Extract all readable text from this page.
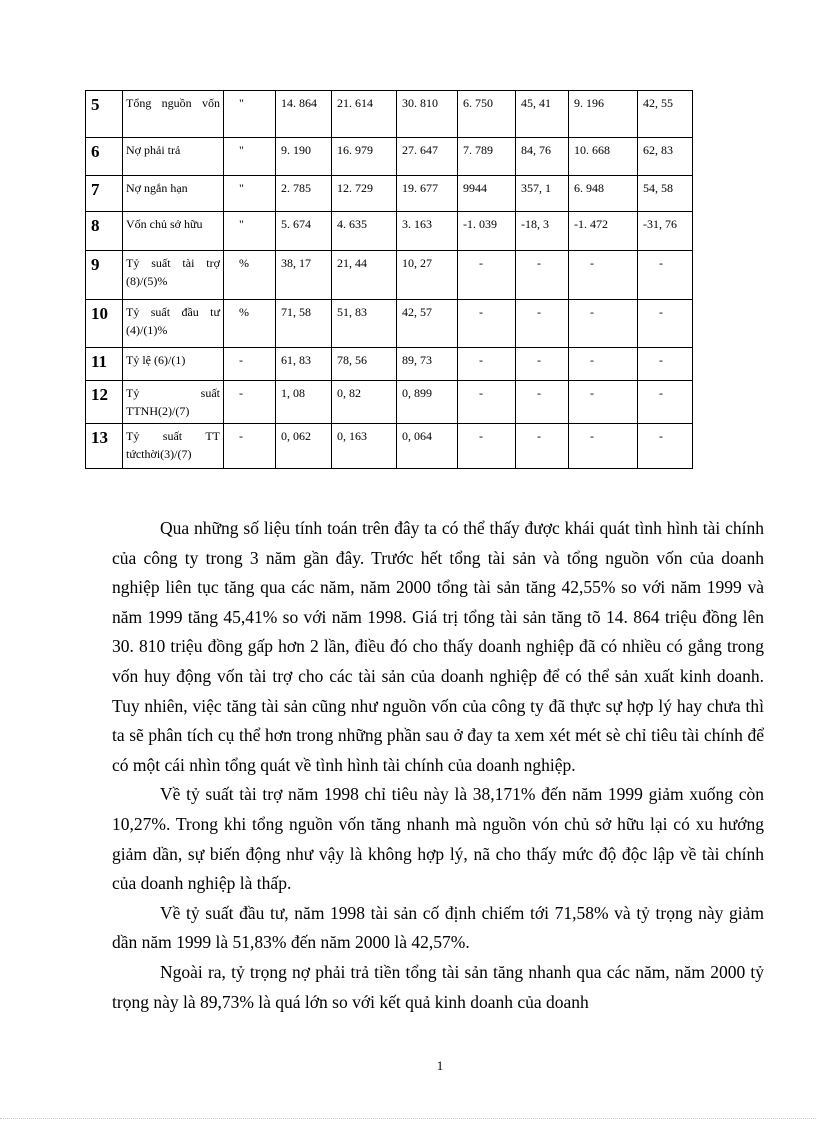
5	Tổng nguồn vốn	"	14. 864	21. 614	30. 810	6. 750	45, 41	9. 196	42, 55
6	Nợ phải trả	"	9. 190	16. 979	27. 647	7. 789	84, 76	10. 668	62, 83
7	Nợ ngắn hạn	"	2. 785	12. 729	19. 677	9944	357, 1	6. 948	54, 58
8	Vốn chủ sở hữu	"	5. 674	4. 635	3. 163	-1. 039	-18, 3	-1. 472	-31, 76
9	Tỷ suất tài trợ (8)/(5)%	%	38, 17	21, 44	10, 27	-	-	-	-
10	Tỷ suất đầu tư (4)/(1)%	%	71, 58	51, 83	42, 57	-	-	-	-
11	Tỷ lệ (6)/(1)	-	61, 83	78, 56	89, 73	-	-	-	-
12	Tỷ suất TTNH(2)/(7)	-	1, 08	0, 82	0, 899	-	-	-	-
13	Tỷ suất TT tứcthời(3)/(7)	-	0, 062	0, 163	0, 064	-	-	-	-

Qua những số liệu tính toán trên đây ta có thể thấy được khái quát tình hình tài chính của công ty trong 3 năm gần đây. Trước hết tổng tài sản và tổng nguồn vốn của doanh nghiệp liên tục tăng qua các năm, năm 2000 tổng tài sản tăng 42,55% so với năm 1999 và năm 1999 tăng 45,41% so với năm 1998. Giá trị tổng tài sản tăng tõ 14. 864 triệu đồng lên 30. 810 triệu đồng gấp hơn 2 lần, điều đó cho thấy doanh nghiệp đã có nhiều có gắng trong vốn huy động vốn tài trợ cho các tài sản của doanh nghiệp để có thể sản xuất kinh doanh. Tuy nhiên, việc tăng tài sản cũng như nguồn vốn của công ty đã thực sự hợp lý hay chưa thì ta sẽ phân tích cụ thể hơn trong những phần sau ở đay ta xem xét mét sè chỉ tiêu tài chính để có một cái nhìn tổng quát về tình hình tài chính của doanh nghiệp.

Về tỷ suất tài trợ năm 1998 chỉ tiêu này là 38,171% đến năm 1999 giảm xuống còn 10,27%. Trong khi tổng nguồn vốn tăng nhanh mà nguồn vón chủ sở hữu lại có xu hướng giảm dần, sự biến động như vậy là không hợp lý, nã cho thấy mức độ độc lập về tài chính của doanh nghiệp là thấp.

Về tỷ suất đầu tư, năm 1998 tài sản cố định chiếm tới 71,58% và tỷ trọng này giảm dần năm 1999 là 51,83% đến năm 2000 là 42,57%.

Ngoài ra, tỷ trọng nợ phải trả tiền tổng tài sản tăng nhanh qua các năm, năm 2000 tỷ trọng này là 89,73% là quá lớn so với kết quả kinh doanh của doanh

1
